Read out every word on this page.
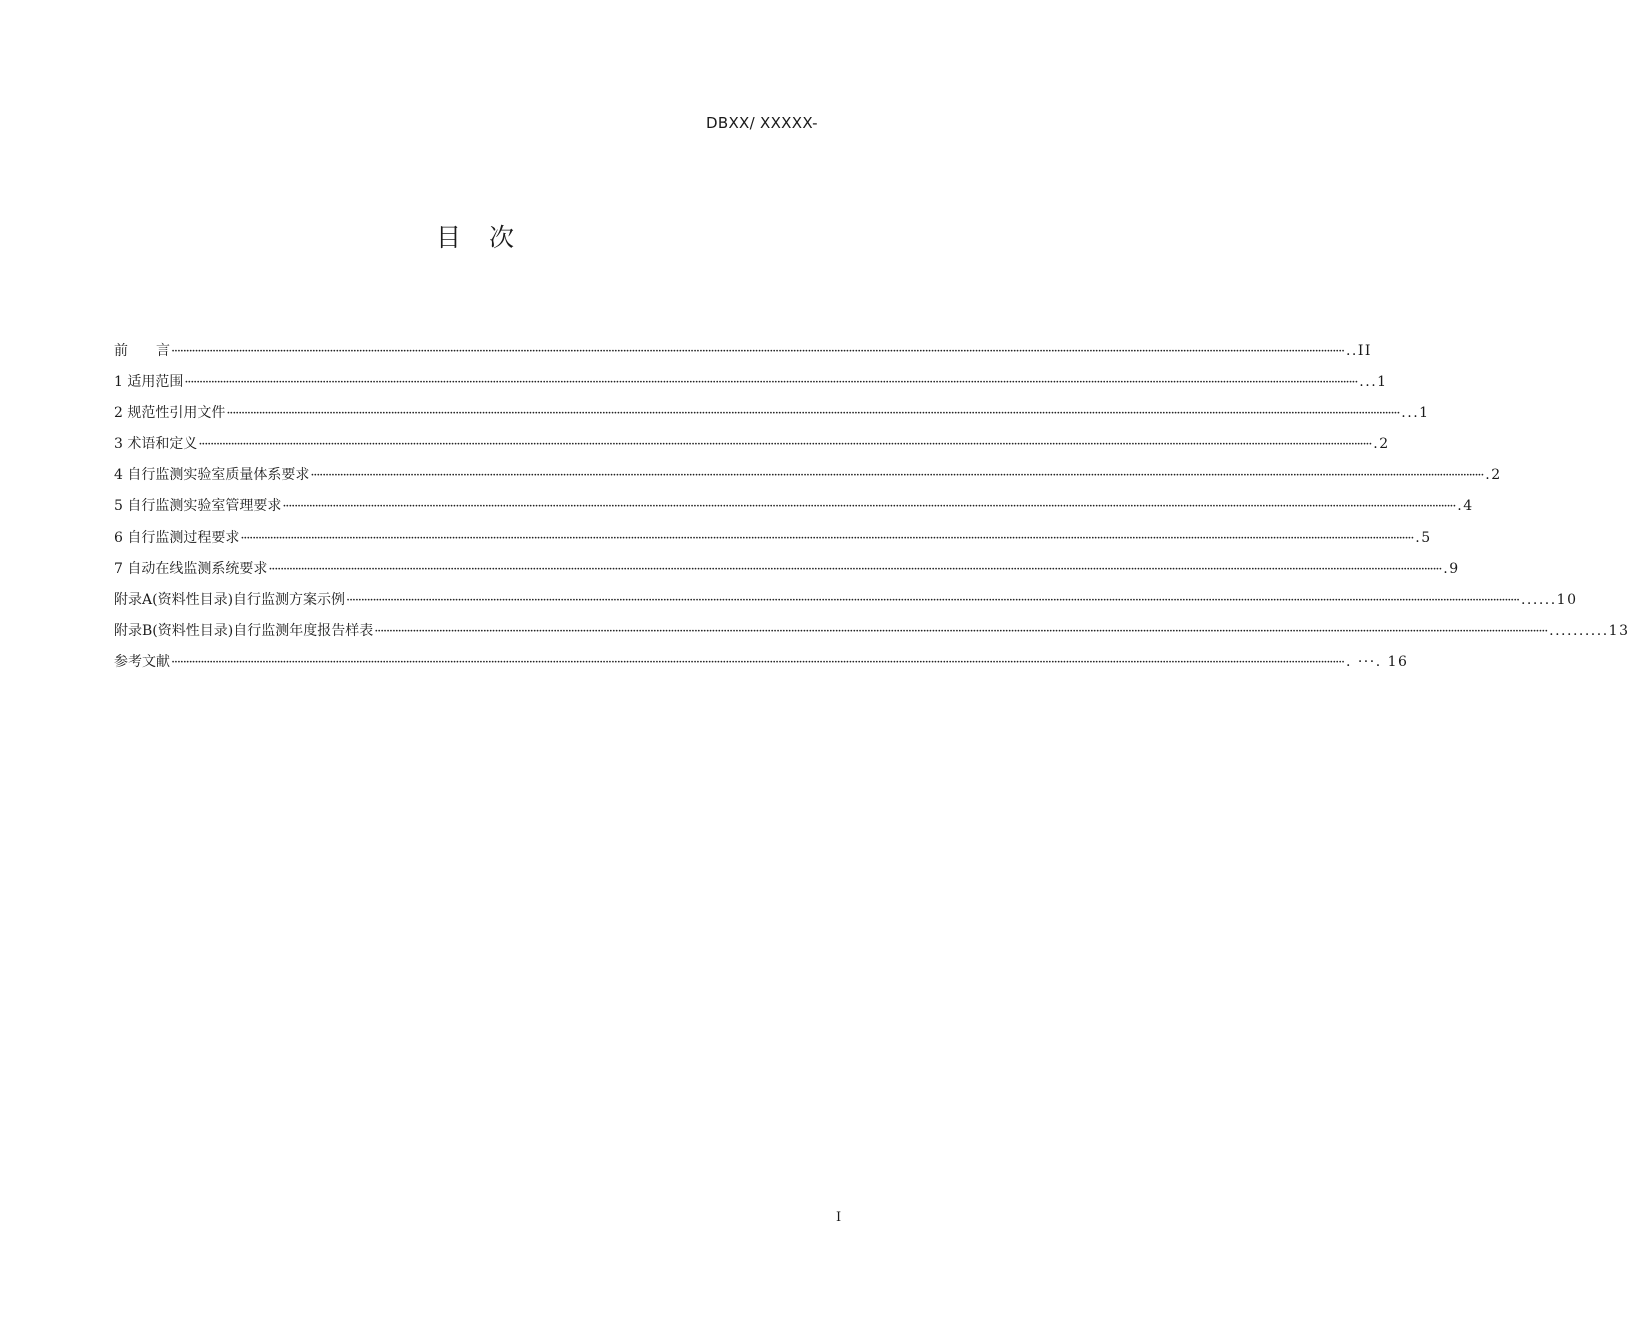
DBXX/ XXXXX-
目次
前　　言 ················································································································································································································································································································································································································ ..II
1 适用范围 ················································································································································································································································································································································································································ ...1
2 规范性引用文件 ················································································································································································································································································································································································································ ...1
3 术语和定义 ················································································································································································································································································································································································································ .2
4 自行监测实验室质量体系要求 ················································································································································································································································································································································································································ .2
5 自行监测实验室管理要求 ················································································································································································································································································································································································································ .4
6 自行监测过程要求 ················································································································································································································································································································································································································ .5
7 自动在线监测系统要求 ················································································································································································································································································································································································································ .9
附录A(资料性目录)自行监测方案示例 ················································································································································································································································································································································································································ ......10
附录B(资料性目录)自行监测年度报告样表 ················································································································································································································································································································································································································ ..........13
参考文献 ················································································································································································································································································································································································································ . ···. 16
I
